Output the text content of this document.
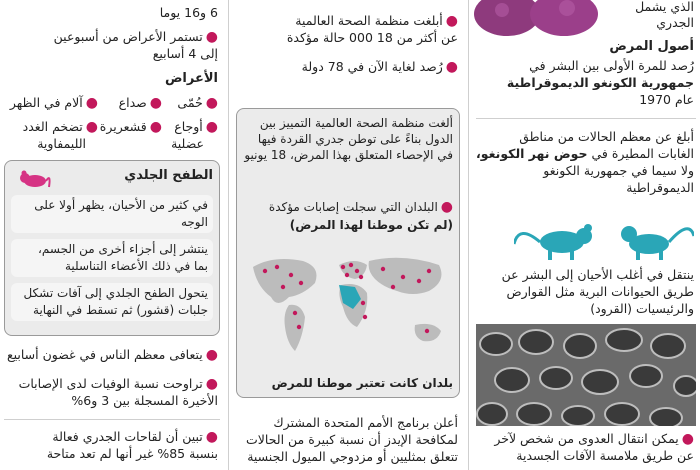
الذي يشمل
الجدري
أصول المرض
رُصد للمرة الأولى بين البشر في
جمهورية الكونغو الديموقراطية
عام 1970
أبلغ عن معظم الحالات من مناطق
الغابات المطيرة في حوض نهر الكونغو،
ولا سيما في جمهورية الكونغو
الديموقراطية
ينتقل في أغلب الأحيان إلى البشر عن
طريق الحيوانات البرية مثل القوارض
والرئيسيات (القرود)
●يمكن انتقال العدوى من شخص لآخر
عن طريق ملامسة الآفات الجسدية
●أبلغت منظمة الصحة العالمية
عن أكثر من 18 000 حالة مؤكدة
●رُصد لغاية الآن في 78 دولة
ألغت منظمة الصحة العالمية التمييز بين
الدول بناءً على توطن جدري القردة فيها
في الإحصاء المتعلق بهذا المرض، 18 يونيو
●البلدان التي سجلت إصابات مؤكدة
(لم تكن موطنا لهذا المرض)
بلدان كانت تعتبر موطنا للمرض
أعلن برنامج الأمم المتحدة المشترك
لمكافحة الإيدز أن نسبة كبيرة من الحالات
تتعلق بمثليين أو مزدوجي الميول الجنسية
6 و16 يوما
●تستمر الأعراض من أسبوعين
إلى 4 أسابيع
الأعراض
●حُمّى
●صداع
●آلام في الظهر
●أوجاع
عضلية
●قشعريرة
●تضخم الغدد
الليمفاوية
الطفح الجلدي
في كثير من الأحيان، يظهر أولا على
الوجه
ينتشر إلى أجزاء أخرى من الجسم،
بما في ذلك الأعضاء التناسلية
يتحول الطفح الجلدي إلى آفات تشكل
جلبات (قشور) ثم تسقط في النهاية
●يتعافى معظم الناس في غضون أسابيع
●تراوحت نسبة الوفيات لدى الإصابات
الأخيرة المسجلة بين 3 و6%
●تبين أن لقاحات الجدري فعالة
بنسبة 85% غير أنها لم تعد متاحة
